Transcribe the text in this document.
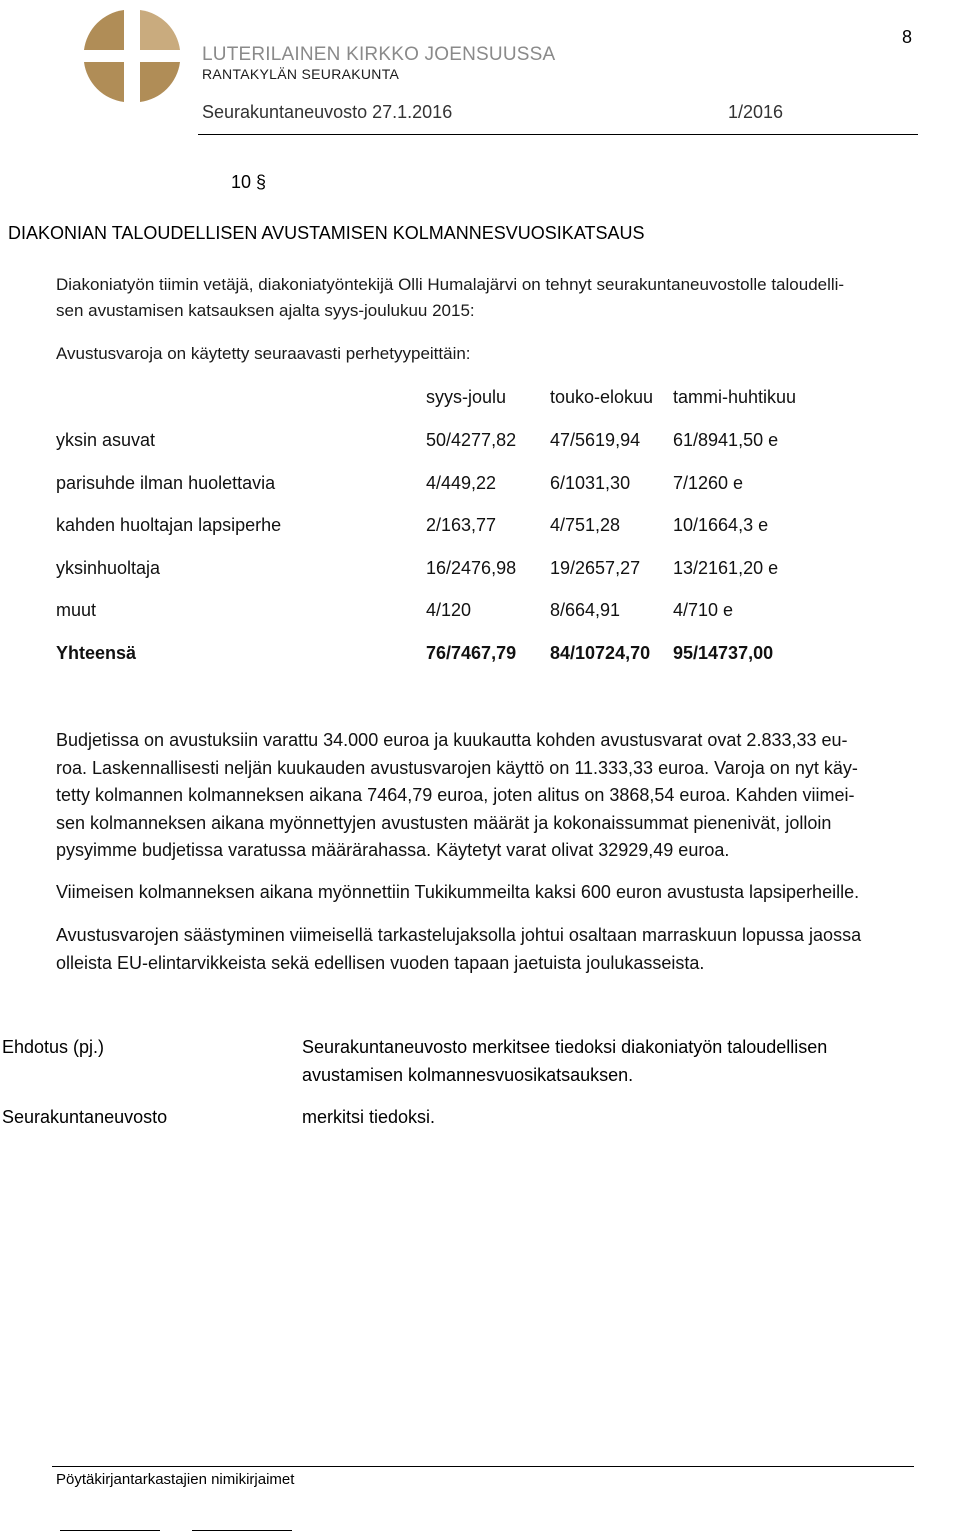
LUTERILAINEN KIRKKO JOENSUUSSA
RANTAKYLÄN SEURAKUNTA
Seurakuntaneuvosto 27.1.2016	1/2016
8
10 §
DIAKONIAN TALOUDELLISEN AVUSTAMISEN KOLMANNESVUOSIKATSAUS
Diakoniatyön tiimin vetäjä, diakoniatyöntekijä Olli Humalajärvi on tehnyt seurakuntaneuvostolle taloudelli-
sen avustamisen katsauksen ajalta syys-joulukuu 2015:
Avustusvaroja on käytetty seuraavasti perhetyypeittäin:
syys-joulu touko-elokuu tammi-huhtikuu
yksin asuvat	50/4277,82 47/5619,94 61/8941,50 e
parisuhde ilman huolettavia	4/449,22	6/1031,30 7/1260 e
kahden huoltajan lapsiperhe	2/163,77	4/751,28	10/1664,3 e
yksinhuoltaja	16/2476,98 19/2657,27 13/2161,20 e
muut	4/120	8/664,91	4/710 e
Yhteensä	76/7467,79 84/10724,70 95/14737,00
Budjetissa on avustuksiin varattu 34.000 euroa ja kuukautta kohden avustusvarat ovat 2.833,33 eu-
roa. Laskennallisesti neljän kuukauden avustusvarojen käyttö on 11.333,33 euroa. Varoja on nyt käy-
tetty kolmannen kolmanneksen aikana 7464,79 euroa, joten alitus on 3868,54 euroa. Kahden viimei-
sen kolmanneksen aikana myönnettyjen avustusten määrät ja kokonaissummat pienenivät, jolloin
pysyimme budjetissa varatussa määrärahassa. Käytetyt varat olivat 32929,49 euroa.
Viimeisen kolmanneksen aikana myönnettiin Tukikummeilta kaksi 600 euron avustusta lapsiperheille.
Avustusvarojen säästyminen viimeisellä tarkastelujaksolla johtui osaltaan marraskuun lopussa jaossa
olleista EU-elintarvikkeista sekä edellisen vuoden tapaan jaetuista joulukasseista.
Ehdotus (pj.)	Seurakuntaneuvosto merkitsee tiedoksi diakoniatyön taloudellisen
avustamisen kolmannesvuosikatsauksen.
Seurakuntaneuvosto	merkitsi tiedoksi.
Pöytäkirjantarkastajien nimikirjaimet
